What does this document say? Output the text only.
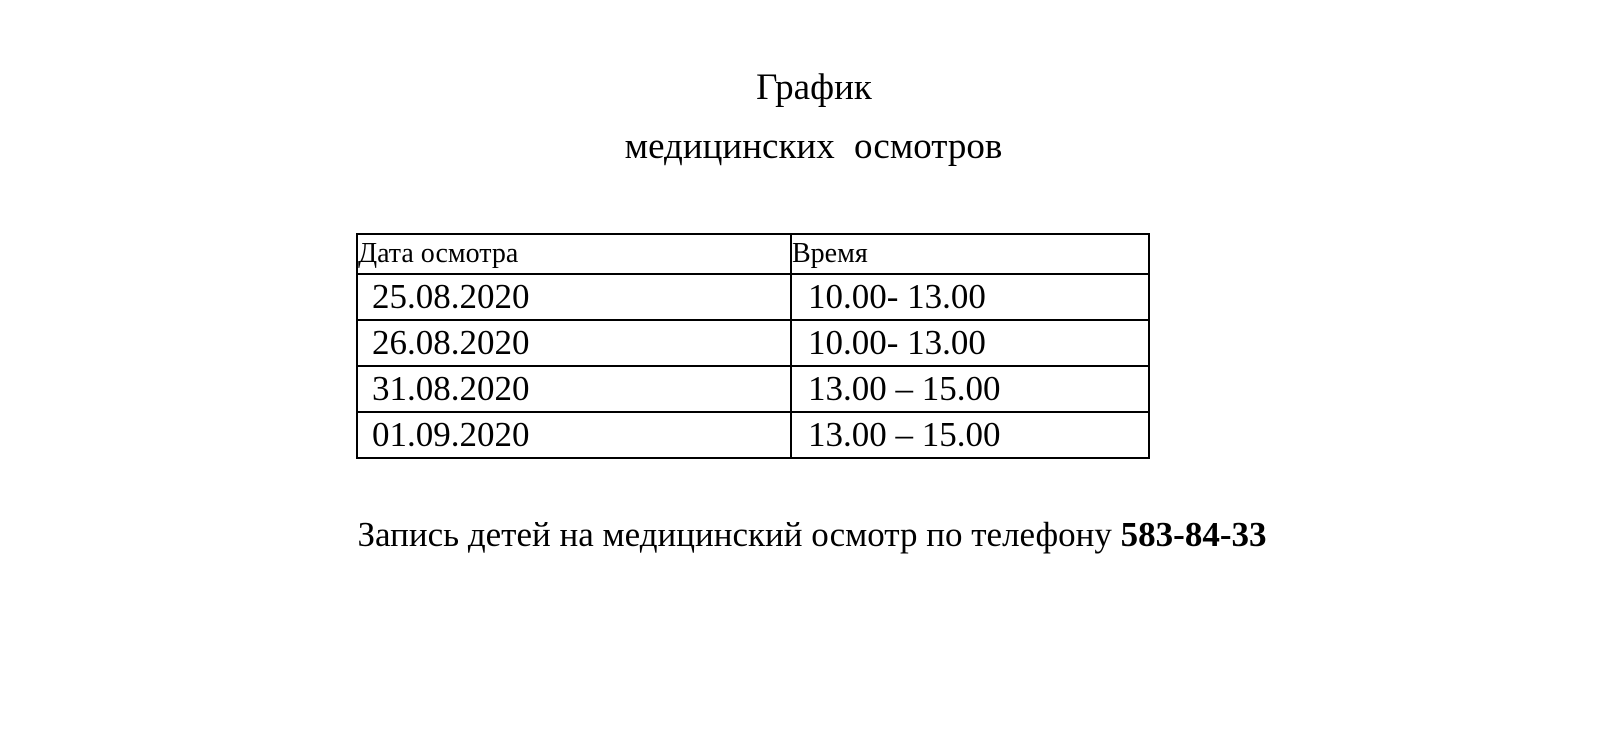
График
медицинских осмотров
Дата осмотра	Время
25.08.2020	10.00- 13.00
26.08.2020	10.00- 13.00
31.08.2020	13.00 – 15.00
01.09.2020	13.00 – 15.00
Запись детей на медицинский осмотр по телефону 583-84-33
